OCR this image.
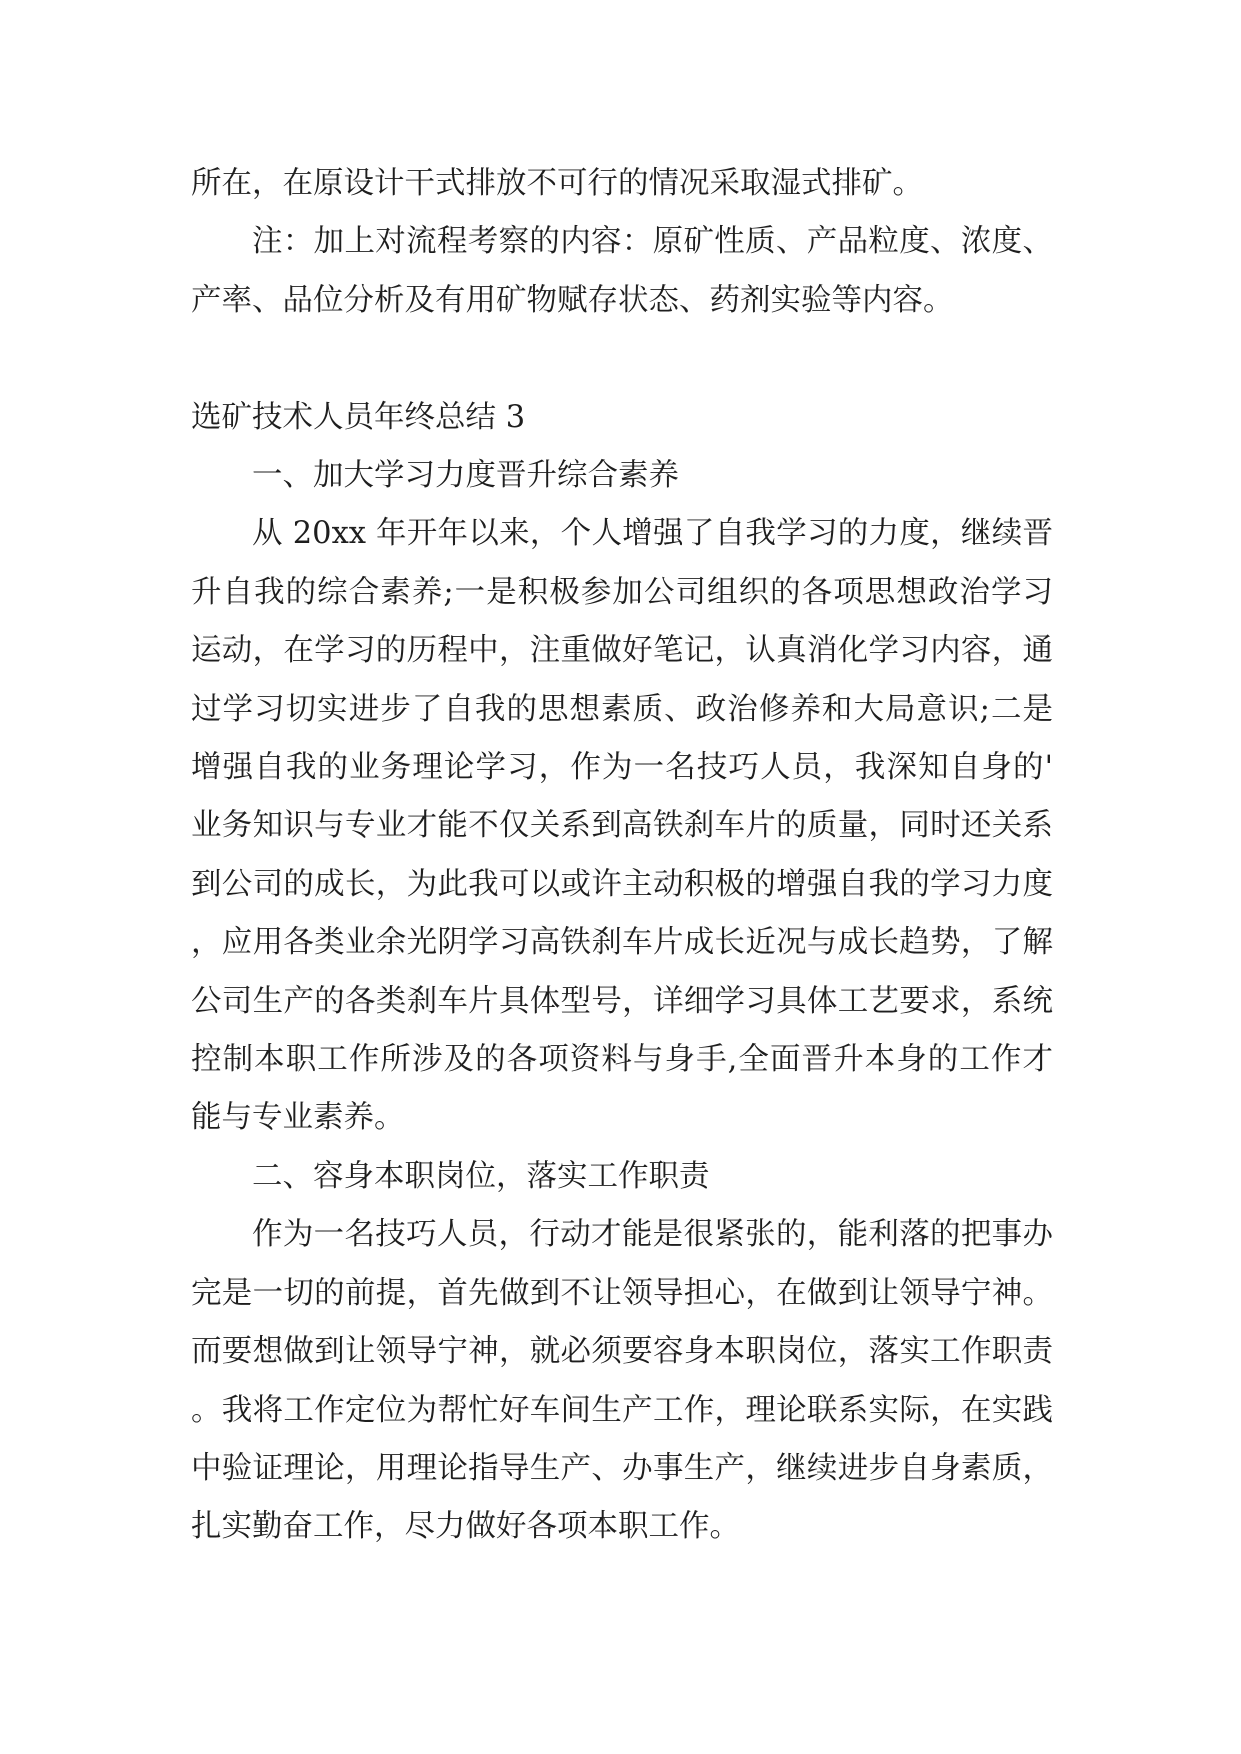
所在，在原设计干式排放不可行的情况采取湿式排矿。

注：加上对流程考察的内容：原矿性质、产品粒度、浓度、产率、品位分析及有用矿物赋存状态、药剂实验等内容。

选矿技术人员年终总结 3

一、加大学习力度晋升综合素养

从 20xx 年开年以来，个人增强了自我学习的力度，继续晋升自我的综合素养;一是积极参加公司组织的各项思想政治学习运动，在学习的历程中，注重做好笔记，认真消化学习内容，通过学习切实进步了自我的思想素质、政治修养和大局意识;二是增强自我的业务理论学习，作为一名技巧人员，我深知自身的'业务知识与专业才能不仅关系到高铁刹车片的质量，同时还关系到公司的成长，为此我可以或许主动积极的增强自我的学习力度，应用各类业余光阴学习高铁刹车片成长近况与成长趋势，了解公司生产的各类刹车片具体型号，详细学习具体工艺要求，系统控制本职工作所涉及的各项资料与身手,全面晋升本身的工作才能与专业素养。

二、容身本职岗位，落实工作职责

作为一名技巧人员，行动才能是很紧张的，能利落的把事办完是一切的前提，首先做到不让领导担心，在做到让领导宁神。而要想做到让领导宁神，就必须要容身本职岗位，落实工作职责。我将工作定位为帮忙好车间生产工作，理论联系实际，在实践中验证理论，用理论指导生产、办事生产，继续进步自身素质，扎实勤奋工作，尽力做好各项本职工作。
